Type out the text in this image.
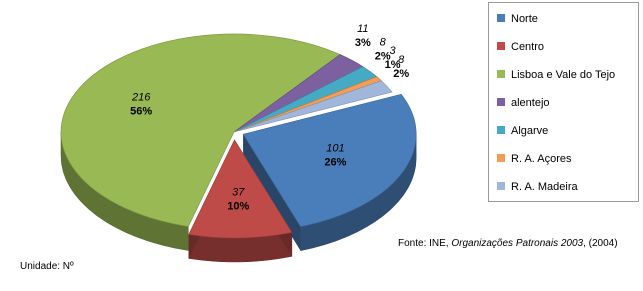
101
26%
37
10%
216
56%
11
3% 8
2%
3
1%
8
2%
Norte
Centro
Lisboa e Vale do Tejo
alentejo
Algarve
R. A. Açores
R. A. Madeira
Fonte: INE, Organizações Patronais 2003, (2004)
Unidade: Nº
